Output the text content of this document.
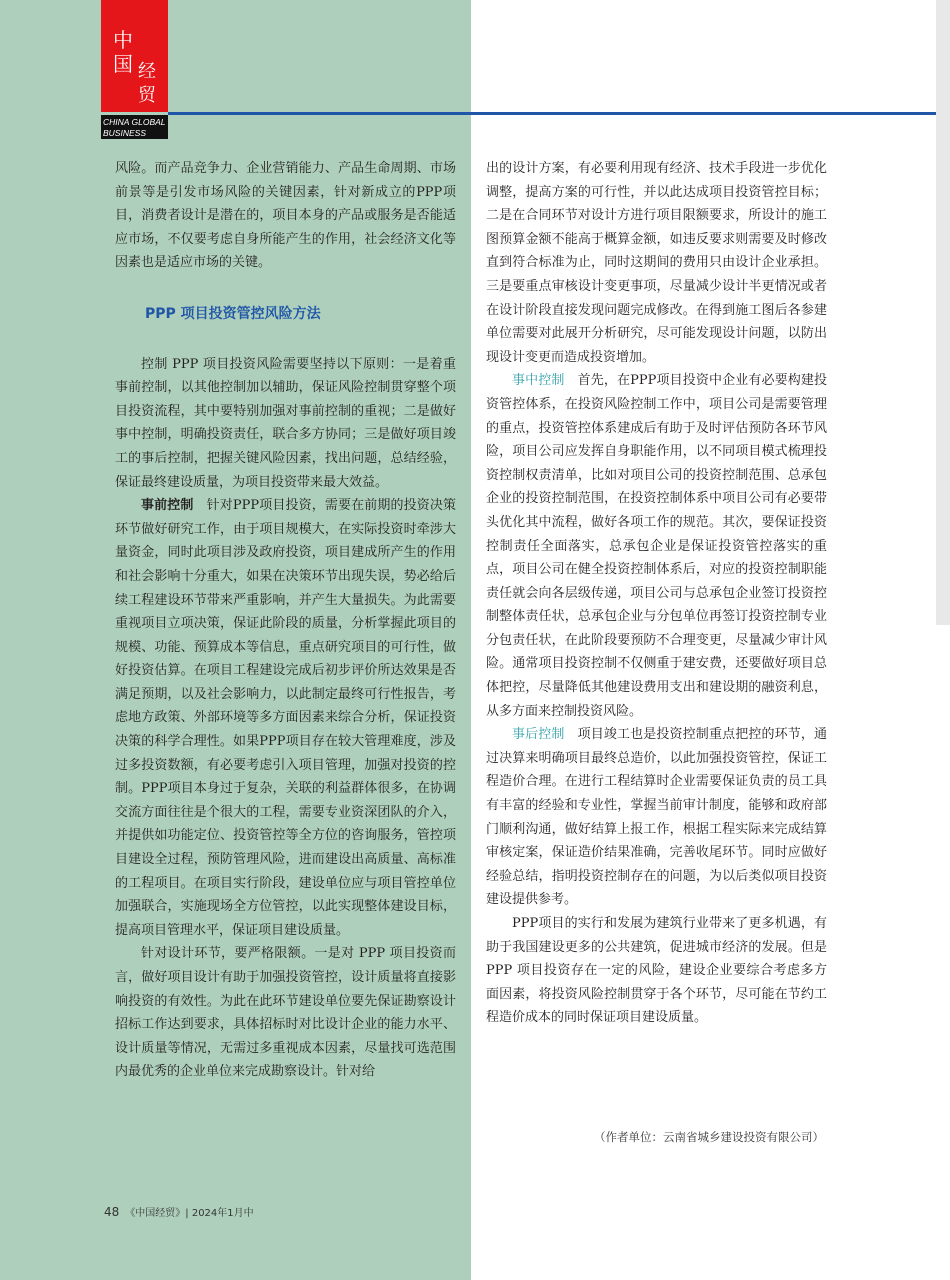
中
国 经
贸
CHINA GLOBAL BUSINESS

风险。而产品竞争力、企业营销能力、产品生命周期、市场前景等是引发市场风险的关键因素，针对新成立的PPP项目，消费者设计是潜在的，项目本身的产品或服务是否能适应市场，不仅要考虑自身所能产生的作用，社会经济文化等因素也是适应市场的关键。

PPP 项目投资管控风险方法

控制 PPP 项目投资风险需要坚持以下原则：一是着重事前控制，以其他控制加以辅助，保证风险控制贯穿整个项目投资流程，其中要特别加强对事前控制的重视；二是做好事中控制，明确投资责任，联合多方协同；三是做好项目竣工的事后控制，把握关键风险因素，找出问题，总结经验，保证最终建设质量，为项目投资带来最大效益。

事前控制　 针对PPP项目投资，需要在前期的投资决策环节做好研究工作，由于项目规模大，在实际投资时牵涉大量资金，同时此项目涉及政府投资，项目建成所产生的作用和社会影响十分重大，如果在决策环节出现失误，势必给后续工程建设环节带来严重影响，并产生大量损失。为此需要重视项目立项决策，保证此阶段的质量，分析掌握此项目的规模、功能、预算成本等信息，重点研究项目的可行性，做好投资估算。在项目工程建设完成后初步评价所达效果是否满足预期，以及社会影响力，以此制定最终可行性报告，考虑地方政策、外部环境等多方面因素来综合分析，保证投资决策的科学合理性。如果PPP项目存在较大管理难度，涉及过多投资数额，有必要考虑引入项目管理，加强对投资的控制。PPP项目本身过于复杂，关联的利益群体很多，在协调交流方面往往是个很大的工程，需要专业资深团队的介入，并提供如功能定位、投资管控等全方位的咨询服务，管控项目建设全过程，预防管理风险，进而建设出高质量、高标准的工程项目。在项目实行阶段，建设单位应与项目管控单位加强联合，实施现场全方位管控，以此实现整体建设目标，提高项目管理水平，保证项目建设质量。

针对设计环节，要严格限额。一是对 PPP 项目投资而言，做好项目设计有助于加强投资管控，设计质量将直接影响投资的有效性。为此在此环节建设单位要先保证勘察设计招标工作达到要求，具体招标时对比设计企业的能力水平、设计质量等情况，无需过多重视成本因素，尽量找可选范围内最优秀的企业单位来完成勘察设计。针对给

出的设计方案，有必要利用现有经济、技术手段进一步优化调整，提高方案的可行性，并以此达成项目投资管控目标；二是在合同环节对设计方进行项目限额要求，所设计的施工图预算金额不能高于概算金额，如违反要求则需要及时修改直到符合标准为止，同时这期间的费用只由设计企业承担。三是要重点审核设计变更事项，尽量减少设计半更情况或者在设计阶段直接发现问题完成修改。在得到施工图后各参建单位需要对此展开分析研究，尽可能发现设计问题，以防出现设计变更而造成投资增加。

事中控制　 首先，在PPP项目投资中企业有必要构建投资管控体系，在投资风险控制工作中，项目公司是需要管理的重点，投资管控体系建成后有助于及时评估预防各环节风险，项目公司应发挥自身职能作用，以不同项目模式梳理投资控制权责清单，比如对项目公司的投资控制范围、总承包企业的投资控制范围，在投资控制体系中项目公司有必要带头优化其中流程，做好各项工作的规范。其次，要保证投资控制责任全面落实，总承包企业是保证投资管控落实的重点，项目公司在健全投资控制体系后，对应的投资控制职能责任就会向各层级传递，项目公司与总承包企业签订投资控制整体责任状，总承包企业与分包单位再签订投资控制专业分包责任状，在此阶段要预防不合理变更，尽量减少审计风险。通常项目投资控制不仅侧重于建安费，还要做好项目总体把控，尽量降低其他建设费用支出和建设期的融资利息，从多方面来控制投资风险。

事后控制　 项目竣工也是投资控制重点把控的环节，通过决算来明确项目最终总造价，以此加强投资管控，保证工程造价合理。在进行工程结算时企业需要保证负责的员工具有丰富的经验和专业性，掌握当前审计制度，能够和政府部门顺利沟通，做好结算上报工作，根据工程实际来完成结算审核定案，保证造价结果准确，完善收尾环节。同时应做好经验总结，指明投资控制存在的问题，为以后类似项目投资建设提供参考。

PPP项目的实行和发展为建筑行业带来了更多机遇，有助于我国建设更多的公共建筑，促进城市经济的发展。但是 PPP 项目投资存在一定的风险，建设企业要综合考虑多方面因素，将投资风险控制贯穿于各个环节，尽可能在节约工程造价成本的同时保证项目建设质量。

（作者单位：云南省城乡建设投资有限公司）
48 《中国经贸》| 2024年1月中
